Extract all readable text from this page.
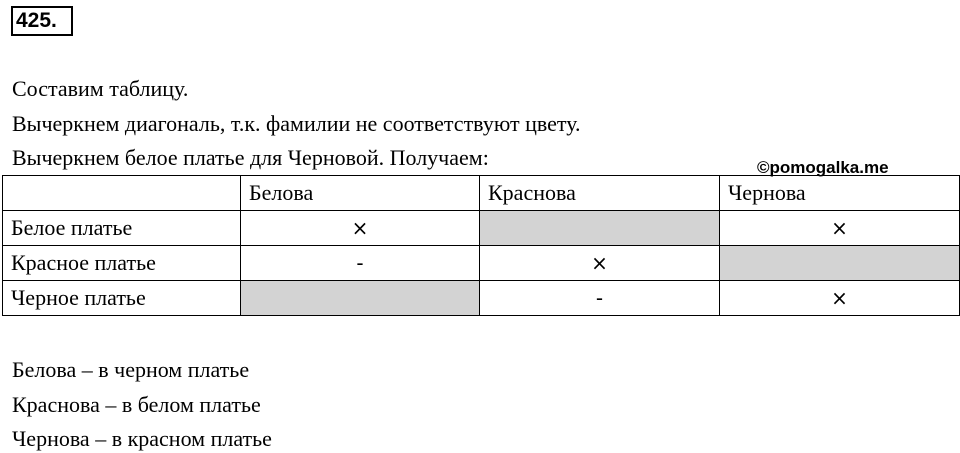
425.
Составим таблицу.
Вычеркнем диагональ, т.к. фамилии не соответствуют цвету.
Вычеркнем белое платье для Черновой. Получаем:	©pomogalka.me
	Белова	Краснова	Чернова
Белое платье	×		×
Красное платье	-	×	
Черное платье		-	×
Белова – в черном платье
Краснова – в белом платье
Чернова – в красном платье
